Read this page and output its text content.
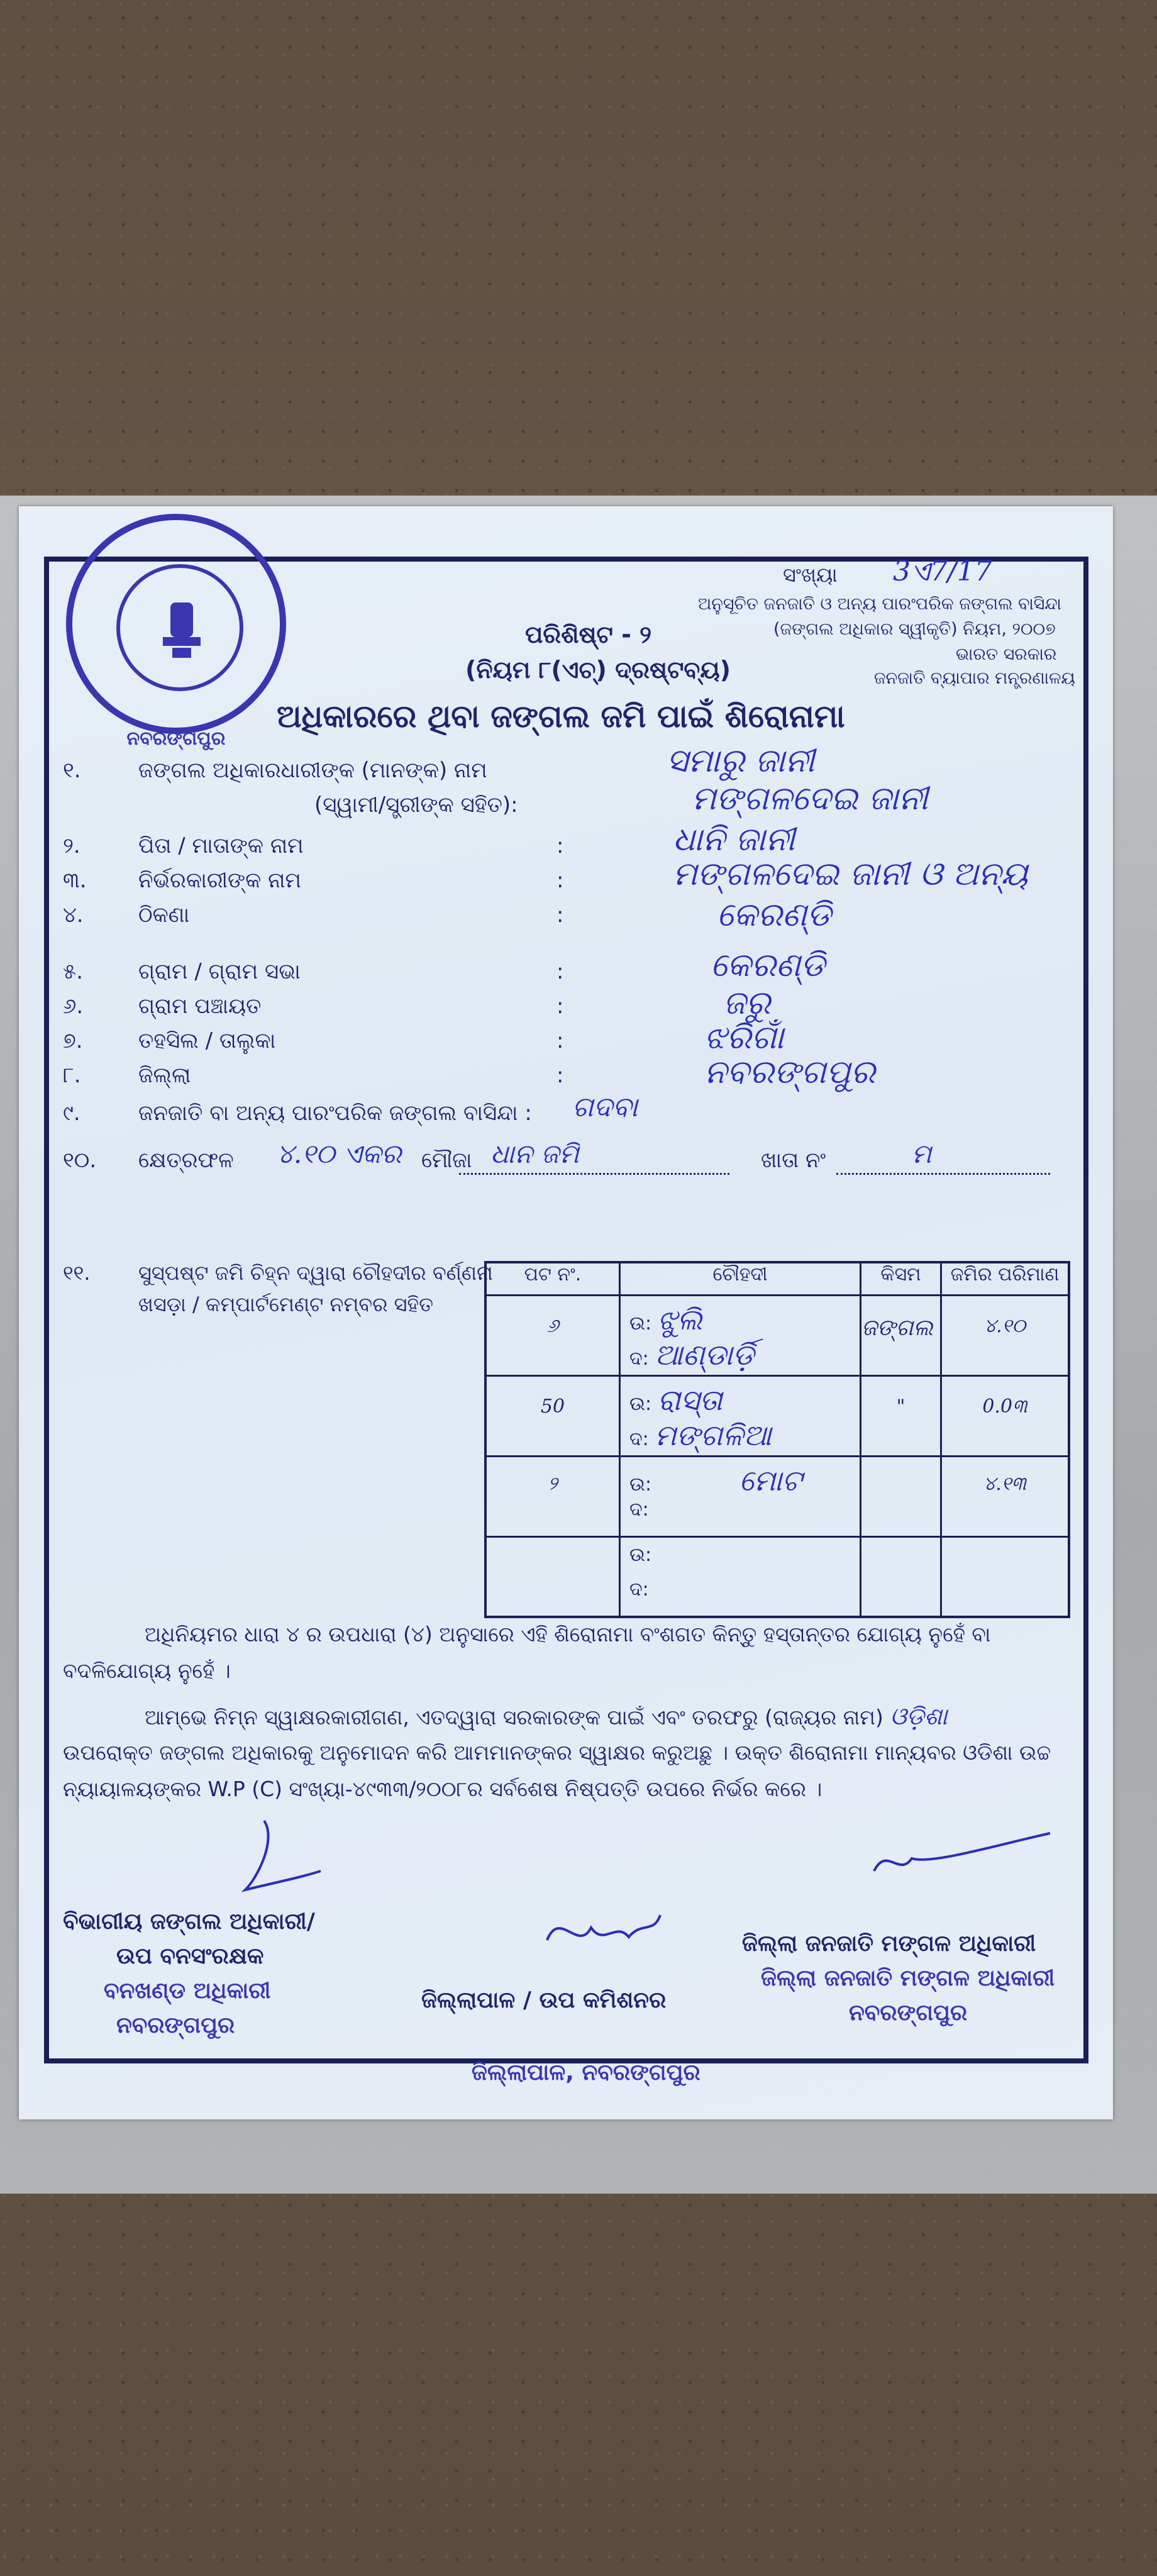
ନବରଙ୍ଗପୁର
ସଂଖ୍ୟା 3ଏ7/17
ଅନୁସୂଚିତ ଜନଜାତି ଓ ଅନ୍ୟ ପାରଂପରିକ ଜଙ୍ଗଲ ବାସିନ୍ଦା
(ଜଙ୍ଗଲ ଅଧିକାର ସ୍ୱୀକୃତି) ନିୟମ, ୨୦୦୭
ଭାରତ ସରକାର
ଜନଜାତି ବ୍ୟାପାର ମନ୍ତ୍ରଣାଳୟ
ପରିଶିଷ୍ଟ - ୨
(ନିୟମ ୮(ଏଚ୍) ଦ୍ରଷ୍ଟବ୍ୟ)
ଅଧିକାରରେ ଥିବା ଜଙ୍ଗଲ ଜମି ପାଇଁ ଶିରୋନାମା
୧.	ଜଙ୍ଗଲ ଅଧିକାରଧାରୀଙ୍କ (ମାନଙ୍କ) ନାମ	ସମାରୁ ଜାନୀ
(ସ୍ୱାମୀ/ସ୍ତ୍ରୀଙ୍କ ସହିତ):	ମଙ୍ଗଳଦେଇ ଜାନୀ
୨.	ପିତା / ମାତାଙ୍କ ନାମ	:	ଧାନି ଜାନୀ
୩. ନିର୍ଭରକାରୀଙ୍କ ନାମ	:	ମଙ୍ଗଳଦେଇ ଜାନୀ ଓ ଅନ୍ୟ
୪.	ଠିକଣା	:	କେରଣ୍ଡି
୫.	ଗ୍ରାମ / ଗ୍ରାମ ସଭା	:	କେରଣ୍ଡି
୬.	ଗ୍ରାମ ପଞ୍ଚାୟତ	:	ଜରୁ
୭.	ତହସିଲ / ତାଲୁକା	:	ଝରିଗାଁ
୮.	ଜିଲ୍ଲା	:	ନବରଙ୍ଗପୁର
୯.	ଜନଜାତି ବା ଅନ୍ୟ ପାରଂପରିକ ଜଙ୍ଗଲ ବାସିନ୍ଦା : ଗଦବା
୧୦. କ୍ଷେତ୍ରଫଳ ୪.୧୦ ଏକର ମୌଜା ଧାନ ଜମି	ଖାତା ନଂ	ମ
୧୧. ସୁସ୍ପଷ୍ଟ ଜମି ଚିହ୍ନ ଦ୍ୱାରା ଚୌହଦୀର ବର୍ଣ୍ଣନା
ଖସଡ଼ା / କମ୍ପାର୍ଟମେଣ୍ଟ ନମ୍ବର ସହିତ
ପଟ ନଂ.	ଚୌହଦୀ	କିସମ	ଜମିର ପରିମାଣ
୬	ଉ: ଝୁଲି
ଦ: ଆଣ୍ଡାର୍ଡ଼ି	ଜଙ୍ଗଲ	୪.୧୦
50	ଉ: ରାସ୍ତା
ଦ: ମଙ୍ଗଳିଆ	"	0.0୩
୨	ଉ: ମୋଟ
ଦ:		୪.୧୩

	ଉ:
ଦ:		

ଅଧିନିୟମର ଧାରା ୪ ର ଉପଧାରା (୪) ଅନୁସାରେ ଏହି ଶିରୋନାମା ବଂଶଗତ କିନ୍ତୁ ହସ୍ତାନ୍ତର ଯୋଗ୍ୟ ନୁହେଁ ବା ବଦଳିଯୋଗ୍ୟ ନୁହେଁ ।
ଆମ୍ଭେ ନିମ୍ନ ସ୍ୱାକ୍ଷରକାରୀଗଣ, ଏତଦ୍ୱାରା ସରକାରଙ୍କ ପାଇଁ ଏବଂ ତରଫରୁ (ରାଜ୍ୟର ନାମ) ଓଡ଼ିଶା
ଉପରୋକ୍ତ ଜଙ୍ଗଲ ଅଧିକାରକୁ ଅନୁମୋଦନ କରି ଆମମାନଙ୍କର ସ୍ୱାକ୍ଷର କରୁଅଛୁ । ଉକ୍ତ ଶିରୋନାମା ମାନ୍ୟବର ଓଡିଶା ଉଚ୍ଚ ନ୍ୟାୟାଳୟଙ୍କର W.P (C) ସଂଖ୍ୟା-୪୯୩୩/୨୦୦୮ର ସର୍ବଶେଷ ନିଷ୍ପତ୍ତି ଉପରେ ନିର୍ଭର କରେ ।
ବିଭାଗୀୟ ଜଙ୍ଗଲ ଅଧିକାରୀ/
ଉପ ବନସଂରକ୍ଷକ
ବନଖଣ୍ଡ ଅଧିକାରୀ
ନବରଙ୍ଗପୁର
ଜିଲ୍ଲାପାଳ / ଉପ କମିଶନର
ଜିଲ୍ଲାପାଳ, ନବରଙ୍ଗପୁର
ଜିଲ୍ଲା ଜନଜାତି ମଙ୍ଗଳ ଅଧିକାରୀ
ଜିଲ୍ଲା ଜନଜାତି ମଙ୍ଗଳ ଅଧିକାରୀ
ନବରଙ୍ଗପୁର
